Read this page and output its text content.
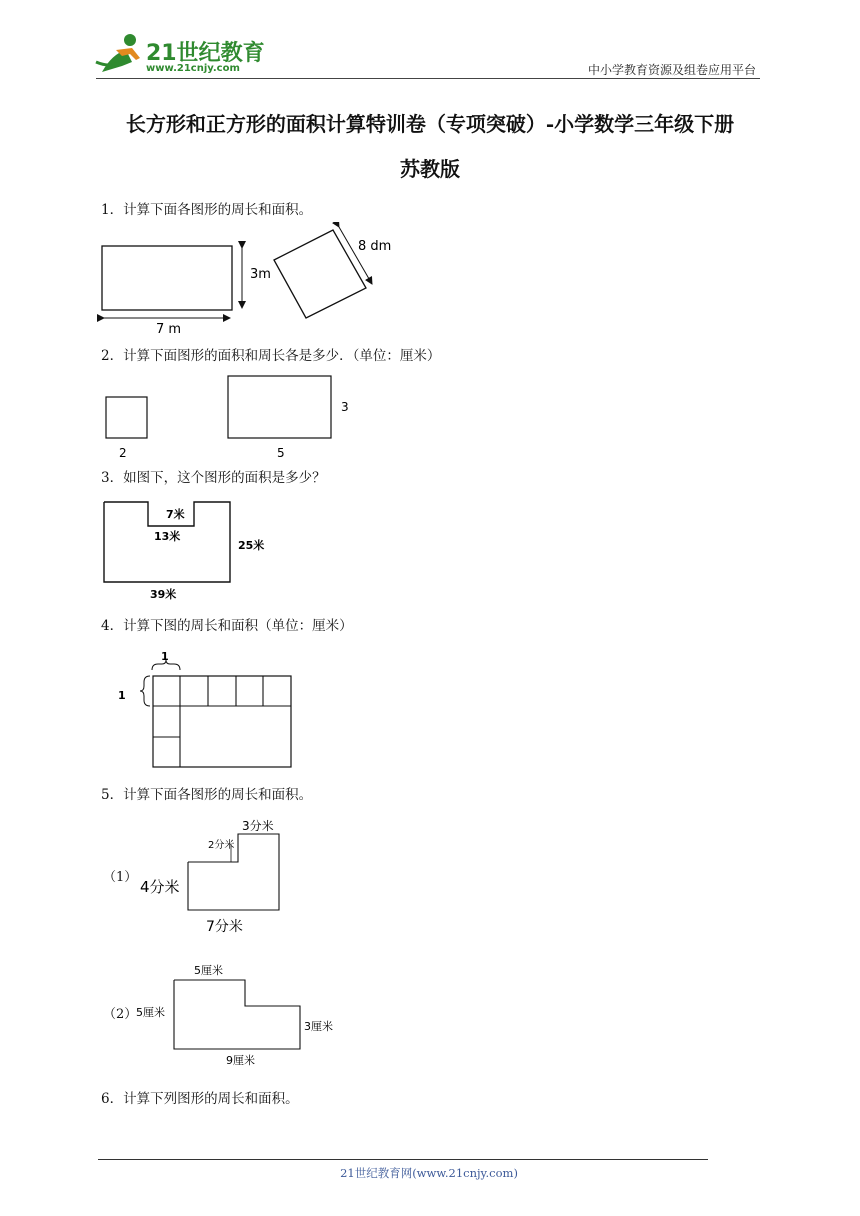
21世纪教育
www.21cnjy.com	中小学教育资源及组卷应用平台
长方形和正方形的面积计算特训卷（专项突破）-小学数学三年级下册
苏教版
1．计算下面各图形的周长和面积。
3m
7 m
8 dm
2．计算下面图形的面积和周长各是多少．（单位：厘米）
2	5
3
3．如图下，这个图形的面积是多少？
7米
13米
25米
39米
4．计算下图的周长和面积（单位：厘米）
1
1
5．计算下面各图形的周长和面积。
（1）
3分米
2分米
4分米
7分米
（2）
5厘米
5厘米
3厘米
9厘米
6．计算下列图形的周长和面积。
21世纪教育网(www.21cnjy.com)
